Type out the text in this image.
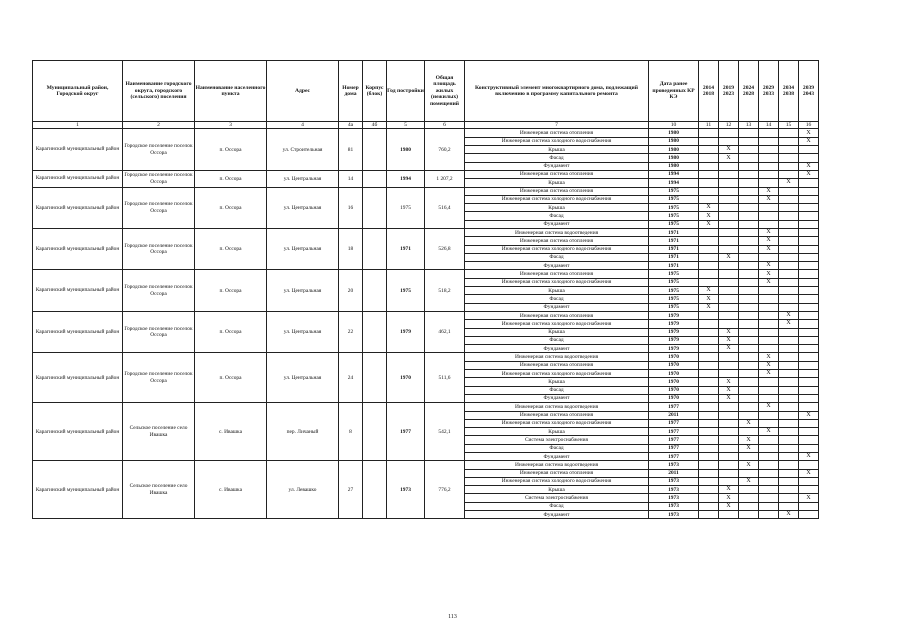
Муниципальный район, Городской округ	Наименование городского округа, городского (сельского) поселения	Наименование населенного пункта	Адрес	Номер дома	Корпус (блок)	Год постройки	Общая площадь жилых (нежилых) помещений	Конструктивный элемент многоквартирного дома, подлежащий включению в программу капитального ремонта	Дата ранее проведенных КР КЭ	2014 2018	2019 2023	2024 2028	2029 2033	2034 2038	2039 2043
1	2	3	4	4a	4б	5	6	7	10	11	12	13	14	15	16
Карагинский муниципальный район	Городское поселение поселок Оссора	п. Оссора	ул. Строительная	81		1980	760,2	Инженерная система отопления	1980						X
								Инженерная система холодного водоснабжения	1980						X
								Крыша	1980		X				
								Фасад	1980		X				
								Фундамент	1980						X
Карагинский муниципальный район	Городское поселение поселок Оссора	п. Оссора	ул. Центральная	14		1994	1 207,2	Инженерная система отопления	1994						X
								Крыша	1994					X	
Карагинский муниципальный район	Городское поселение поселок Оссора	п. Оссора	ул. Центральная	16		1975	516,4	Инженерная система отопления	1975				X		
								Инженерная система холодного водоснабжения	1975				X		
								Крыша	1975	X					
								Фасад	1975	X					
								Фундамент	1975	X					
Карагинский муниципальный район	Городское поселение поселок Оссора	п. Оссора	ул. Центральная	18		1971	526,8	Инженерная система водоотведения	1971				X		
								Инженерная система отопления	1971				X		
								Инженерная система холодного водоснабжения	1971				X		
								Фасад	1971		X				
								Фундамент	1971				X		
Карагинский муниципальный район	Городское поселение поселок Оссора	п. Оссора	ул. Центральная	20		1975	518,2	Инженерная система отопления	1975				X		
								Инженерная система холодного водоснабжения	1975				X		
								Крыша	1975	X					
								Фасад	1975	X					
								Фундамент	1975	X					
Карагинский муниципальный район	Городское поселение поселок Оссора	п. Оссора	ул. Центральная	22		1979	462,1	Инженерная система отопления	1979					X	
								Инженерная система холодного водоснабжения	1979					X	
								Крыша	1979		X				
								Фасад	1979		X				
								Фундамент	1979		X				
Карагинский муниципальный район	Городское поселение поселок Оссора	п. Оссора	ул. Центральная	24		1970	511,6	Инженерная система водоотведения	1970				X		
								Инженерная система отопления	1970				X		
								Инженерная система холодного водоснабжения	1970				X		
								Крыша	1970		X				
								Фасад	1970		X				
								Фундамент	1970		X				
Карагинский муниципальный район	Сельское поселение село Ивашка	с. Ивашка	пер. Личаный	8		1977	542,1	Инженерная система водоотведения	1977				X		
								Инженерная система отопления	2011						X
								Инженерная система холодного водоснабжения	1977			X			
								Крыша	1977				X		
								Система электроснабжения	1977			X			
								Фасад	1977			X			
								Фундамент	1977						X
Карагинский муниципальный район	Сельское поселение село Ивашка	с. Ивашка	ул. Левашко	27		1973	776,2	Инженерная система водоотведения	1973			X			
								Инженерная система отопления	2011						X
								Инженерная система холодного водоснабжения	1973			X			
								Крыша	1973		X				
								Система электроснабжения	1973		X				X
								Фасад	1973		X				
								Фундамент	1973					X	
113
